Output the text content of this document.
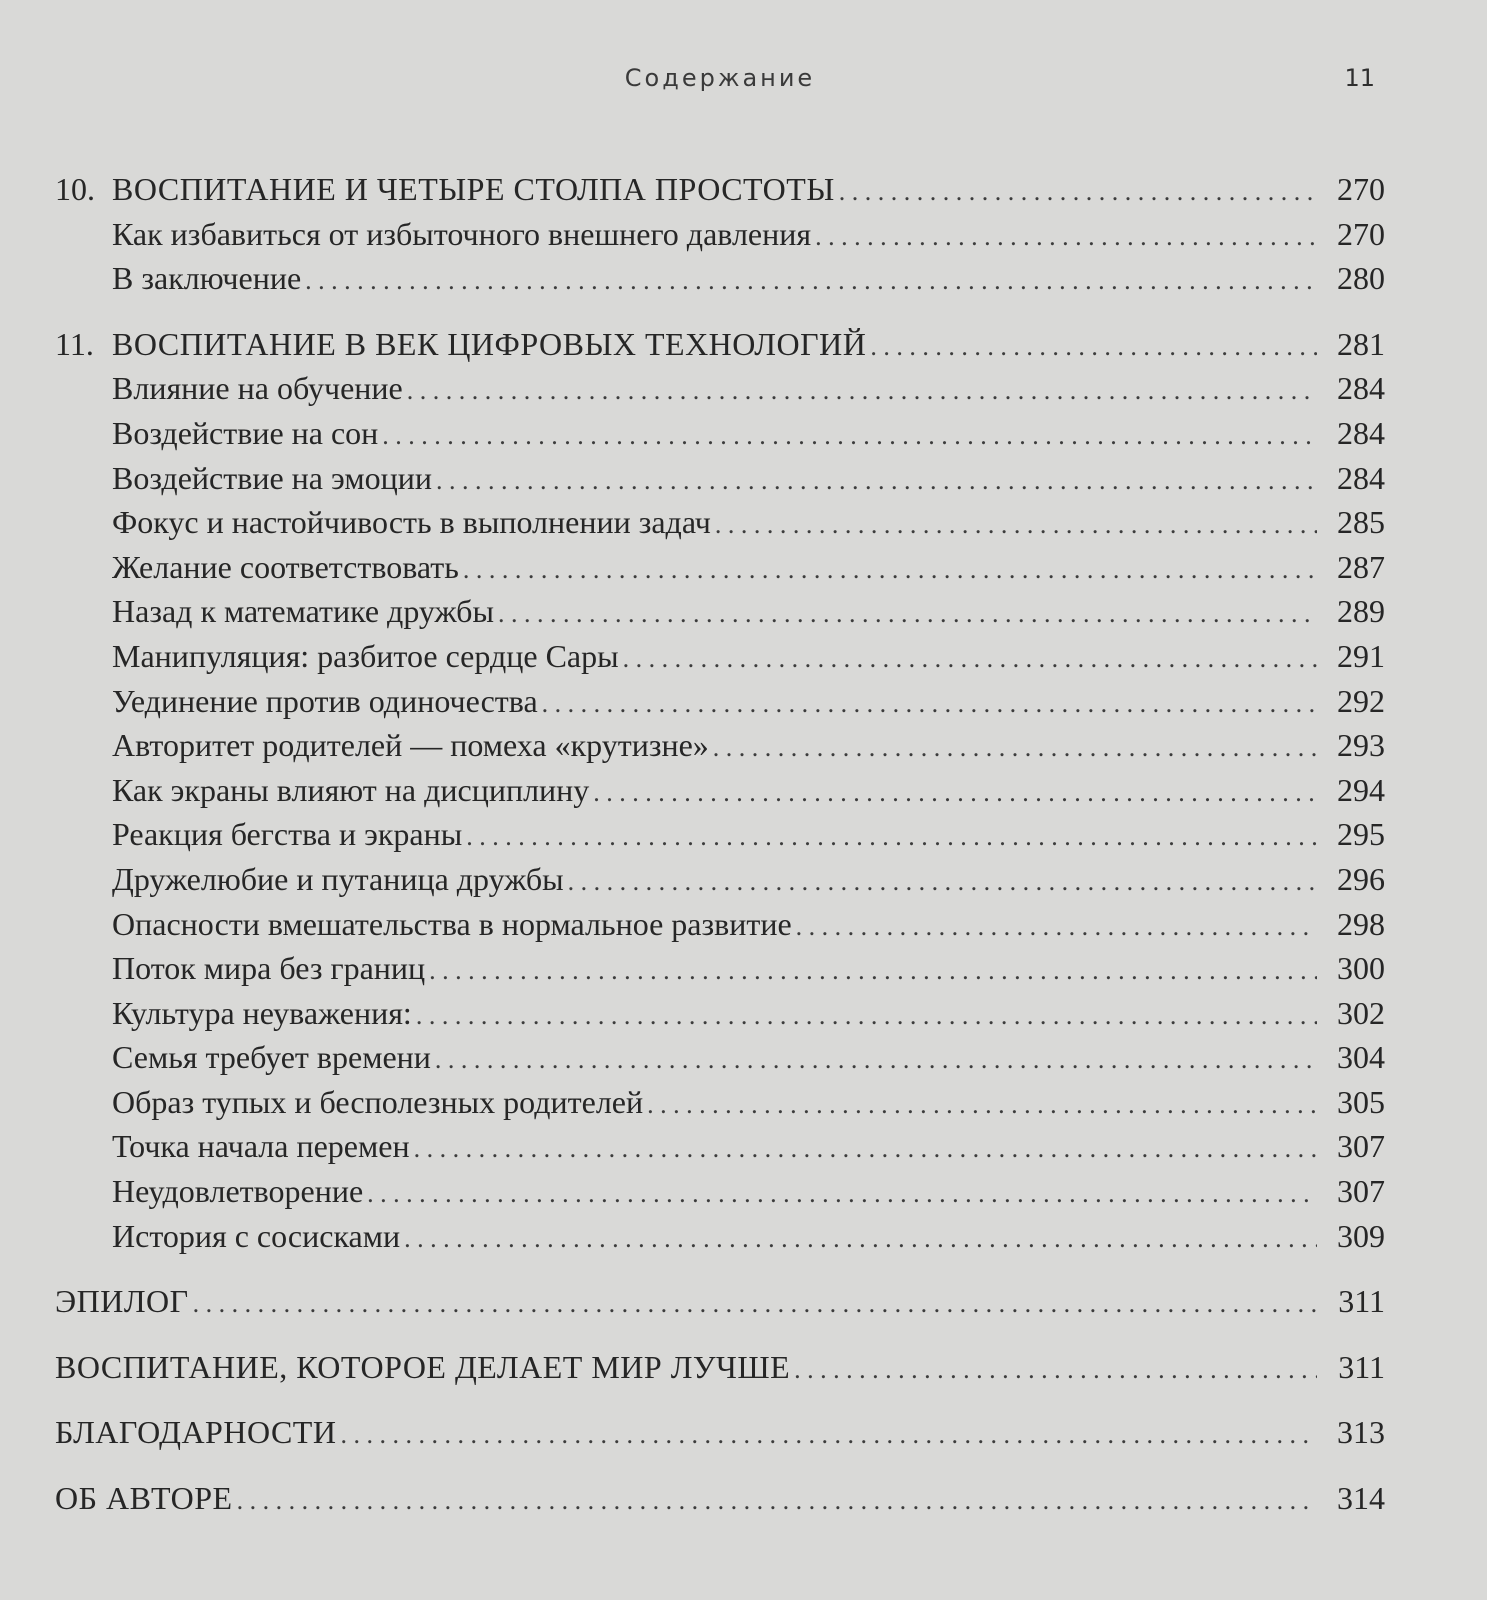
Содержание	11
10. ВОСПИТАНИЕ И ЧЕТЫРЕ СТОЛПА ПРОСТОТЫ . . .	270
Как избавиться от избыточного внешнего давления . . .	270
В заключение . . .	280
11. ВОСПИТАНИЕ В ВЕК ЦИФРОВЫХ ТЕХНОЛОГИЙ . . .	281
Влияние на обучение . . .	284
Воздействие на сон . . .	284
Воздействие на эмоции . . .	284
Фокус и настойчивость в выполнении задач . . .	285
Желание соответствовать . . .	287
Назад к математике дружбы . . .	289
Манипуляция: разбитое сердце Сары . . .	291
Уединение против одиночества . . .	292
Авторитет родителей — помеха «крутизне» . . .	293
Как экраны влияют на дисциплину . . .	294
Реакция бегства и экраны . . .	295
Дружелюбие и путаница дружбы . . .	296
Опасности вмешательства в нормальное развитие . . .	298
Поток мира без границ . . .	300
Культура неуважения: . . .	302
Семья требует времени . . .	304
Образ тупых и бесполезных родителей . . .	305
Точка начала перемен . . .	307
Неудовлетворение . . .	307
История с сосисками . . .	309
ЭПИЛОГ . . .	311
ВОСПИТАНИЕ, КОТОРОЕ ДЕЛАЕТ МИР ЛУЧШЕ . . .	311
БЛАГОДАРНОСТИ . . .	313
ОБ АВТОРЕ . . .	314
